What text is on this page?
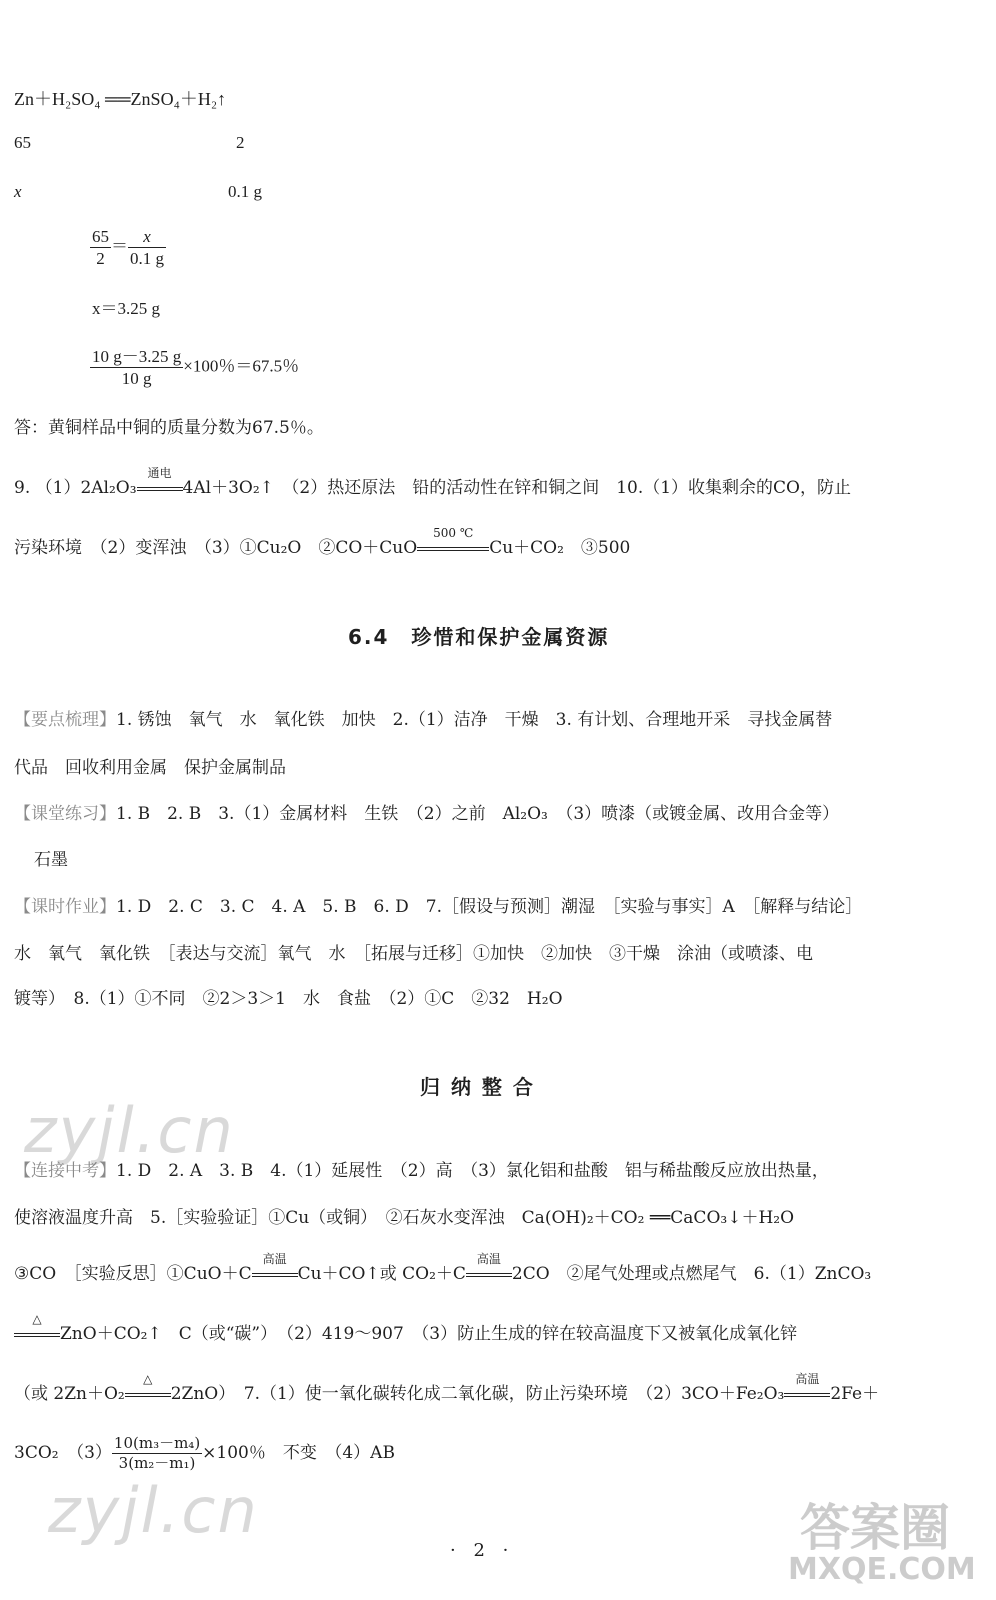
Zn＋H₂SO₄ ══ZnSO₄＋H₂↑
65	2
x	0.1 g
$\frac{65}{2} = \frac{x}{0.1 g}$
x＝3.25 g
$\frac{10 g-3.25 g}{10 g} \times 100$％＝67.5％
答：黄铜样品中铜的质量分数为67.5％。
9. （1）2Al₂O₃
通电
4Al＋3O₂↑　（2）热还原法　铅的活动性在锌和铜之间　10.（1）收集剩余的CO，防止
污染环境　（2）变浑浊　（3）①Cu₂O　②CO＋CuO
500 ℃
Cu＋CO₂　③500
6.4　珍惜和保护金属资源
【要点梳理】1. 锈蚀　氧气　水　氧化铁　加快　2.（1）洁净　干燥　3. 有计划、合理地开采　寻找金属替
代品　回收利用金属　保护金属制品
【课堂练习】1. B　2. B　3.（1）金属材料　生铁　（2）之前　Al₂O₃　（3）喷漆（或镀金属、改用合金等）
石墨
【课时作业】1. D　2. C　3. C　4. A　5. B　6. D　7.［假设与预测］潮湿　［实验与事实］A　［解释与结论］
水　氧气　氧化铁　［表达与交流］氧气　水　［拓展与迁移］①加快　②加快　③干燥　涂油（或喷漆、电
镀等）　8.（1）①不同　②2＞3＞1　水　食盐　（2）①C　②32　H₂O
归 纳 整 合
【连接中考】1. D　2. A　3. B　4.（1）延展性　（2）高　（3）氯化铝和盐酸　铝与稀盐酸反应放出热量，
使溶液温度升高　5.［实验验证］①Cu（或铜）　②石灰水变浑浊　Ca(OH)₂＋CO₂ ══CaCO₃↓＋H₂O
③CO　［实验反思］①CuO＋C
高温
Cu＋CO↑或 CO₂＋C
高温
2CO　②尾气处理或点燃尾气　6.（1）ZnCO₃
△
ZnO＋CO₂↑　C（或“碳”）　（2）419～907　（3）防止生成的锌在较高温度下又被氧化成氧化锌
（或 2Zn＋O₂
△
2ZnO）　7.（1）使一氧化碳转化成二氧化碳，防止污染环境　（2）3CO＋Fe₂O₃
高温
2Fe＋
3CO₂　$(3) \frac{\text{10(m₃－m₄)}}{\text{3(m₂－m₁)}} \times 100$％　不变　（4）AB
· 2 ·
zyjl.cn
zyjl.cn	答案圈
MXQE.COM
